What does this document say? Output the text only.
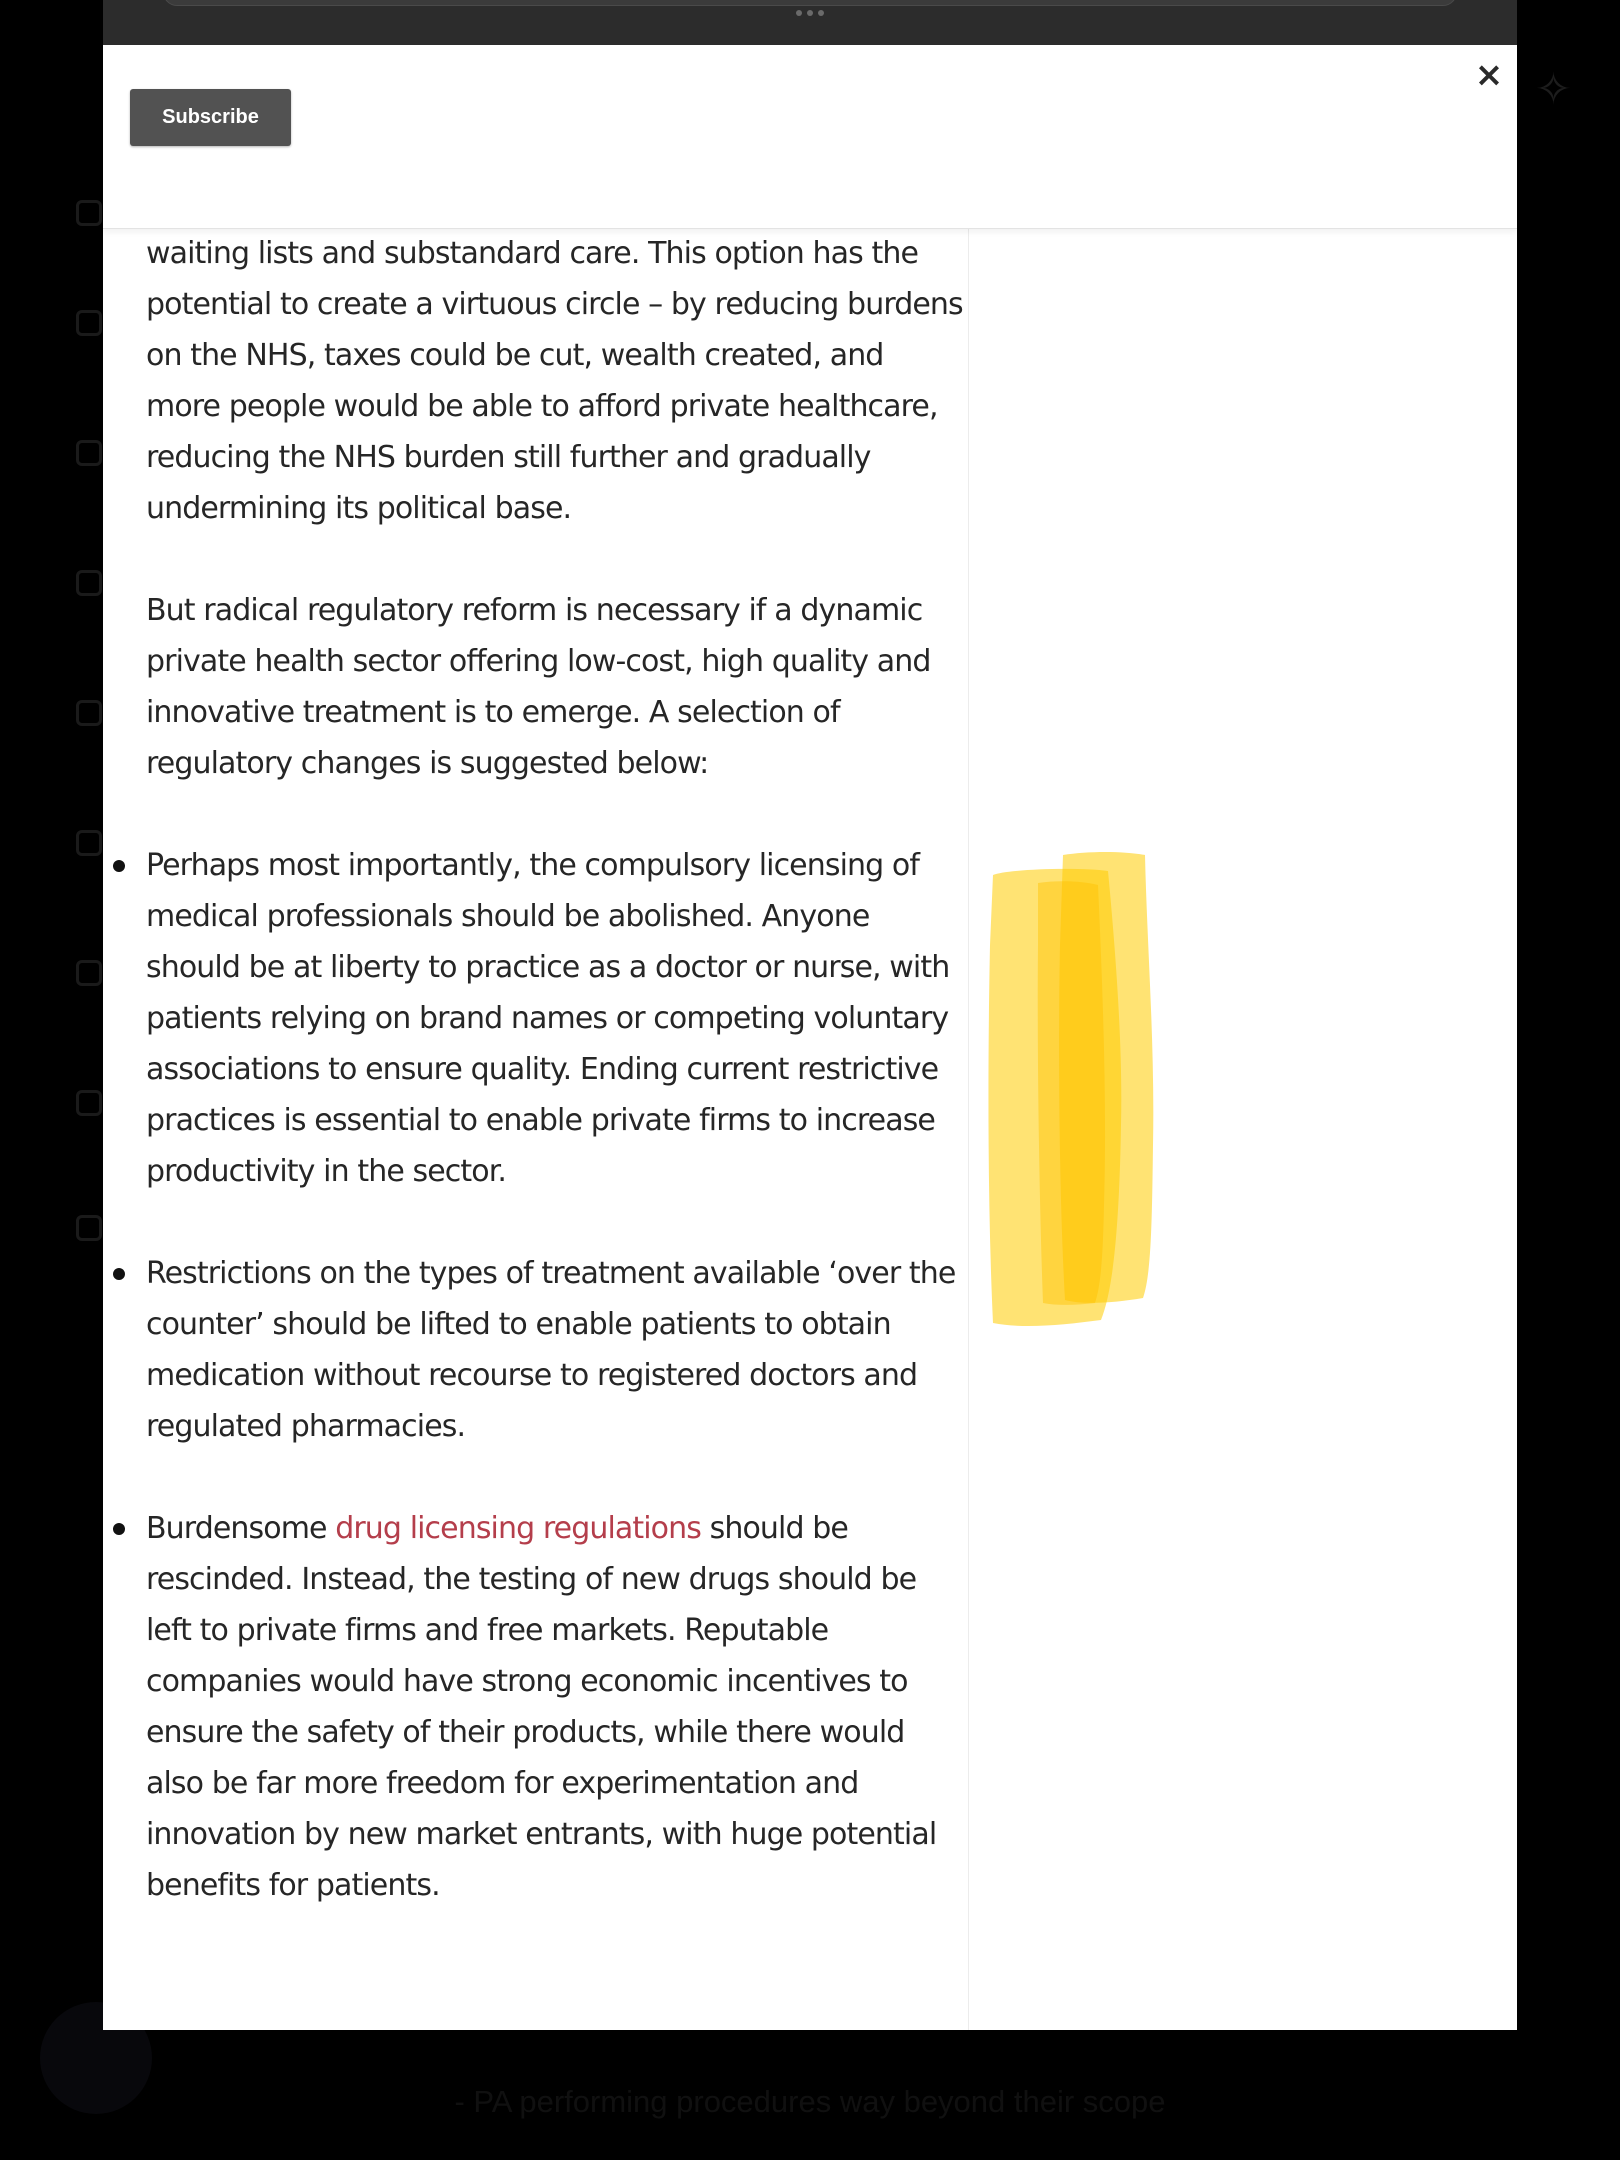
✧
- PA performing procedures way beyond their scope
Subscribe
×

waiting lists and substandard care. This option has the potential to create a virtuous circle – by reducing burdens on the NHS, taxes could be cut, wealth created, and more people would be able to afford private healthcare, reducing the NHS burden still further and gradually undermining its political base.

But radical regulatory reform is necessary if a dynamic private health sector offering low-cost, high quality and innovative treatment is to emerge. A selection of regulatory changes is suggested below:

Perhaps most importantly, the compulsory licensing of medical professionals should be abolished. Anyone should be at liberty to practice as a doctor or nurse, with patients relying on brand names or competing voluntary associations to ensure quality. Ending current restrictive practices is essential to enable private firms to increase productivity in the sector.
Restrictions on the types of treatment available ‘over the counter’ should be lifted to enable patients to obtain medication without recourse to registered doctors and regulated pharmacies.
Burdensome drug licensing regulations should be rescinded. Instead, the testing of new drugs should be left to private firms and free markets. Reputable companies would have strong economic incentives to ensure the safety of their products, while there would also be far more freedom for experimentation and innovation by new market entrants, with huge potential benefits for patients.
